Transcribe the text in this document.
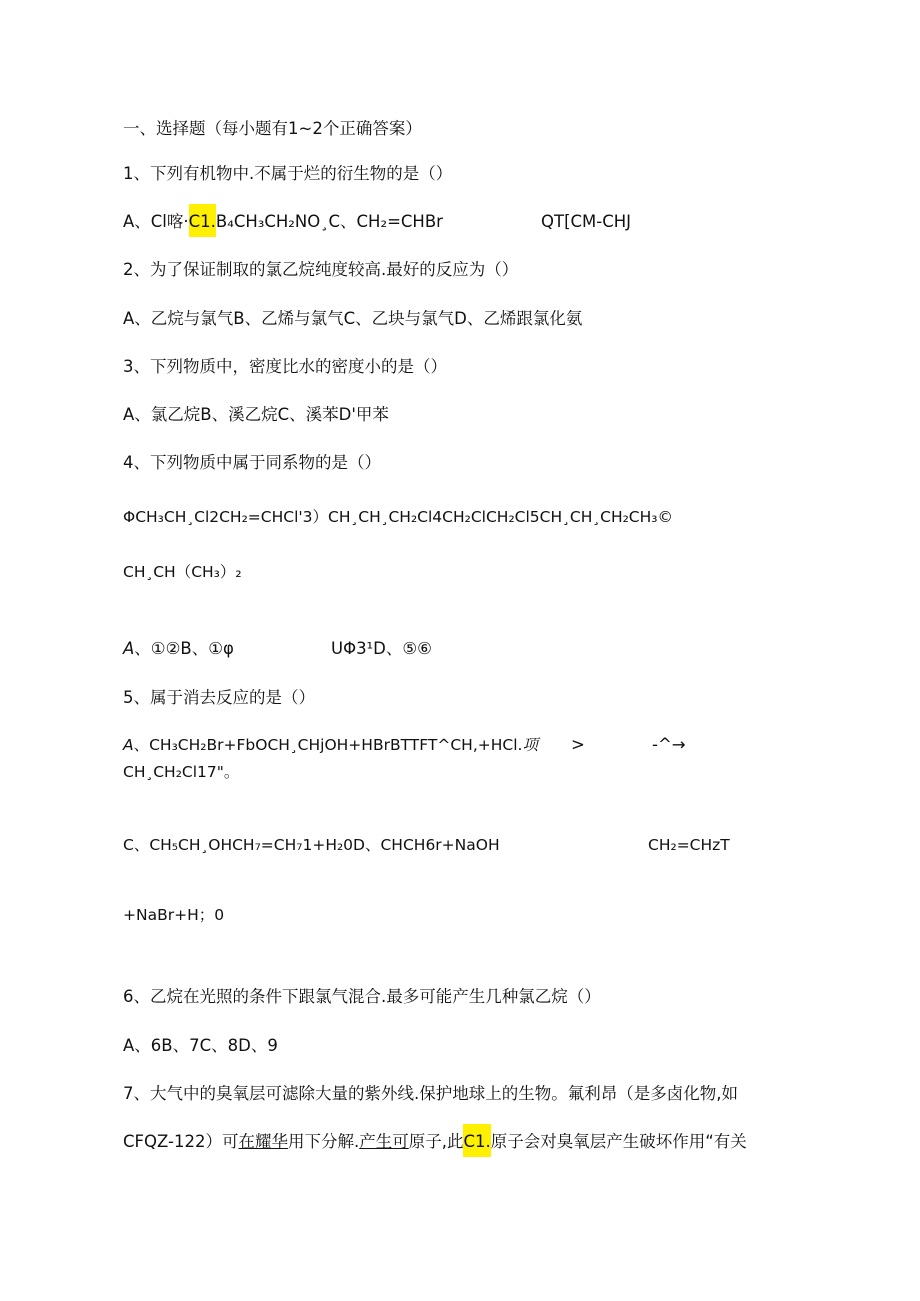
一、选择题（每小题有1~2个正确答案）
1、下列有机物中.不属于烂的衍生物的是（）
A、Cl喀·C1.B₄CH₃CH₂NO¸C、CH₂=CHBr	QT[CM-CHJ
2、为了保证制取的氯乙烷纯度较高.最好的反应为（）
A、乙烷与氯气B、乙烯与氯气C、乙块与氯气D、乙烯跟氯化氨
3、下列物质中，密度比水的密度小的是（）
A、氯乙烷B、溪乙烷C、溪苯D'甲苯
4、下列物质中属于同系物的是（）
ΦCH₃CH¸Cl2CH₂=CHCl'3）CH¸CH¸CH₂Cl4CH₂ClCH₂Cl5CH¸CH¸CH₂CH₃©
CH¸CH（CH₃）₂
A、①②B、①φ	UΦ3¹D、⑤⑥
5、属于消去反应的是（）
A、CH₃CH₂Br+FbOCH¸CHjOH+HBrBTTFT^CH,+HCl.项 >	-^→
CH¸CH₂Cl17"。
C、CH₅CH¸OHCH₇=CH₇1+H₂0D、CHCH6r+NaOH	CH₂=CHzT
+NaBr+H；0
6、乙烷在光照的条件下跟氯气混合.最多可能产生几种氯乙烷（）
A、6B、7C、8D、9
7、大气中的臭氧层可滤除大量的紫外线.保护地球上的生物。氟利昂（是多卤化物,如
CFQZ-122）可在耀华用下分解.产生可原子,此C1.原子会对臭氧层产生破坏作用“有关
